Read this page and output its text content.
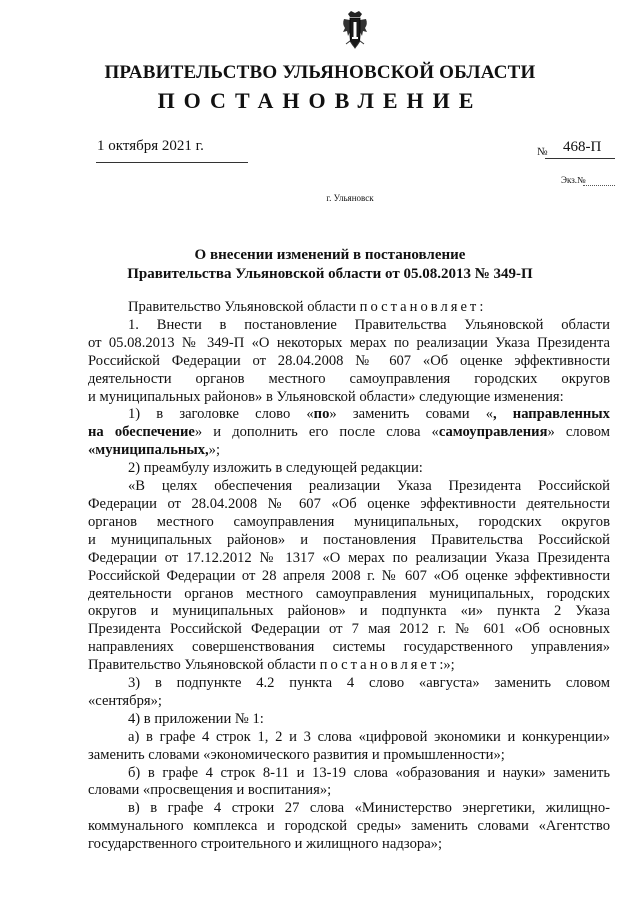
ПРАВИТЕЛЬСТВО УЛЬЯНОВСКОЙ ОБЛАСТИ
ПОСТАНОВЛЕНИЕ
1 октября 2021 г.	№ 468-П
Экз.№
г. Ульяновск
О внесении изменений в постановление
Правительства Ульяновской области от 05.08.2013 № 349-П

Правительство Ульяновской области постановляет:

1. Внести в постановление Правительства Ульяновской области

от 05.08.2013 № 349-П «О некоторых мерах по реализации Указа Президента

Российской Федерации от 28.04.2008 № 607 «Об оценке эффективности

деятельности органов местного самоуправления городских округов

и муниципальных районов» в Ульяновской области» следующие изменения:

1) в заголовке слово «по» заменить совами «, направленных

на обеспечение» и дополнить его после слова «самоуправления» словом

«муниципальных,»;

2) преамбулу изложить в следующей редакции:

«В целях обеспечения реализации Указа Президента Российской

Федерации от 28.04.2008 № 607 «Об оценке эффективности деятельности

органов местного самоуправления муниципальных, городских округов

и муниципальных районов» и постановления Правительства Российской

Федерации от 17.12.2012 № 1317 «О мерах по реализации Указа Президента

Российской Федерации от 28 апреля 2008 г. № 607 «Об оценке эффективности

деятельности органов местного самоуправления муниципальных, городских

округов и муниципальных районов» и подпункта «и» пункта 2 Указа

Президента Российской Федерации от 7 мая 2012 г. № 601 «Об основных

направлениях совершенствования системы государственного управления»

Правительство Ульяновской области постановляет:»;

3) в подпункте 4.2 пункта 4 слово «августа» заменить словом

«сентября»;

4) в приложении № 1:

а) в графе 4 строк 1, 2 и 3 слова «цифровой экономики и конкуренции»

заменить словами «экономического развития и промышленности»;

б) в графе 4 строк 8-11 и 13-19 слова «образования и науки» заменить

словами «просвещения и воспитания»;

в) в графе 4 строки 27 слова «Министерство энергетики, жилищно-

коммунального комплекса и городской среды» заменить словами «Агентство

государственного строительного и жилищного надзора»;
